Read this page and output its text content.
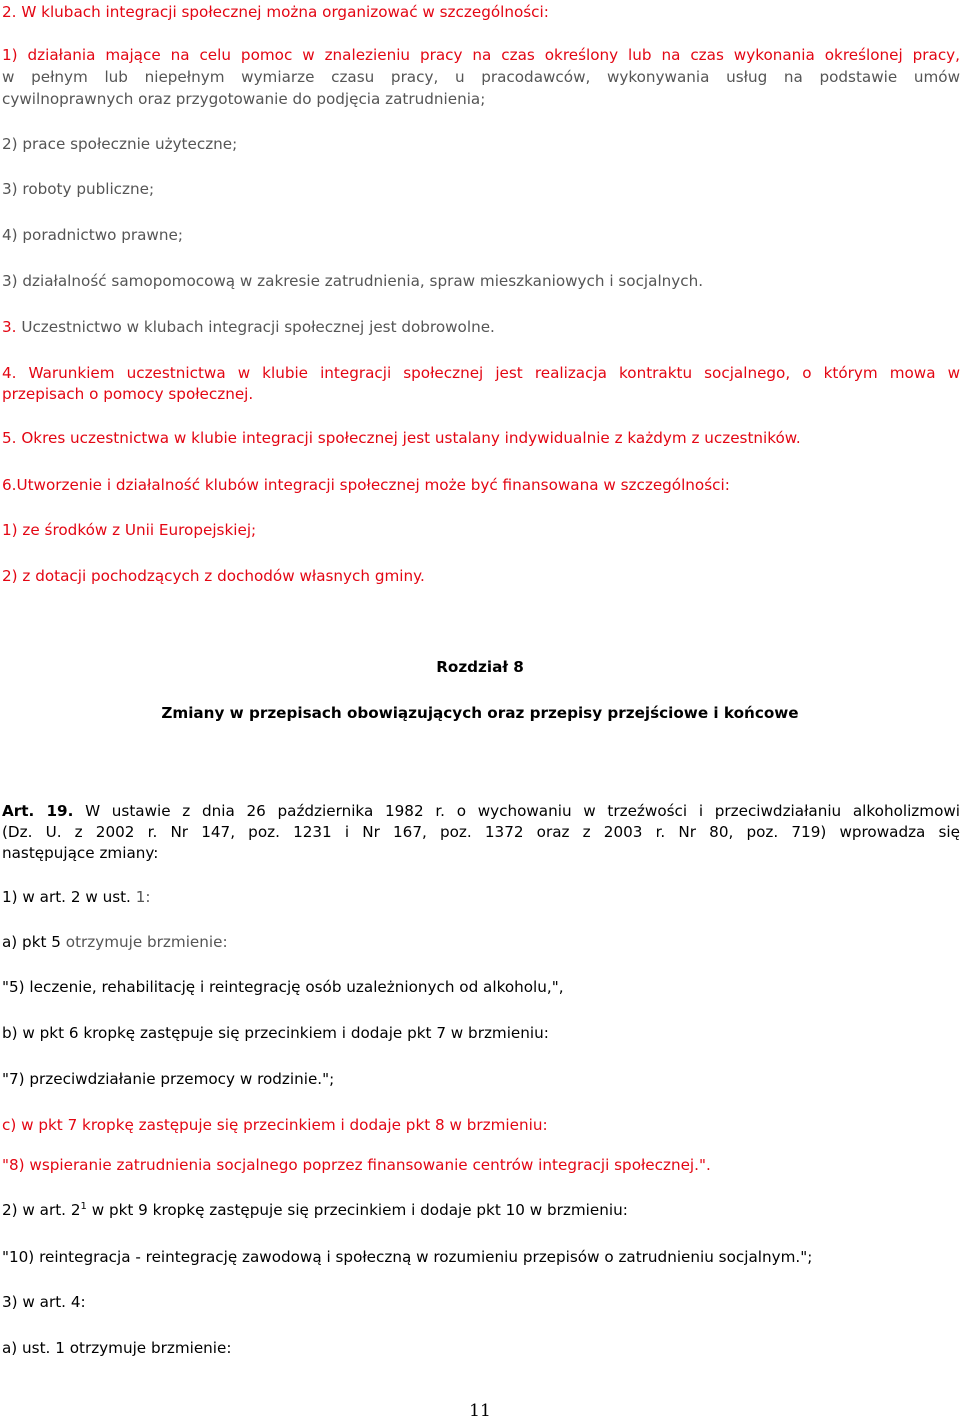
2. W klubach integracji społecznej można organizować w szczególności:
1) działania mające na celu pomoc w znalezieniu pracy na czas określony lub na czas wykonania określonej pracy,
w pełnym lub niepełnym wymiarze czasu pracy, u pracodawców, wykonywania usług na podstawie umów
cywilnoprawnych oraz przygotowanie do podjęcia zatrudnienia;
2) prace społecznie użyteczne;
3) roboty publiczne;
4) poradnictwo prawne;
3) działalność samopomocową w zakresie zatrudnienia, spraw mieszkaniowych i socjalnych.
3. Uczestnictwo w klubach integracji społecznej jest dobrowolne.
4. Warunkiem uczestnictwa w klubie integracji społecznej jest realizacja kontraktu socjalnego, o którym mowa w
przepisach o pomocy społecznej.
5. Okres uczestnictwa w klubie integracji społecznej jest ustalany indywidualnie z każdym z uczestników.
6.Utworzenie i działalność klubów integracji społecznej może być finansowana w szczególności:
1) ze środków z Unii Europejskiej;
2) z dotacji pochodzących z dochodów własnych gminy.
Rozdział 8
Zmiany w przepisach obowiązujących oraz przepisy przejściowe i końcowe
Art. 19. W ustawie z dnia 26 października 1982 r. o wychowaniu w trzeźwości i przeciwdziałaniu alkoholizmowi
(Dz. U. z 2002 r. Nr 147, poz. 1231 i Nr 167, poz. 1372 oraz z 2003 r. Nr 80, poz. 719) wprowadza się
następujące zmiany:
1) w art. 2 w ust. 1:
a) pkt 5 otrzymuje brzmienie:
"5) leczenie, rehabilitację i reintegrację osób uzależnionych od alkoholu,",
b) w pkt 6 kropkę zastępuje się przecinkiem i dodaje pkt 7 w brzmieniu:
"7) przeciwdziałanie przemocy w rodzinie.";
c) w pkt 7 kropkę zastępuje się przecinkiem i dodaje pkt 8 w brzmieniu:
"8) wspieranie zatrudnienia socjalnego poprzez finansowanie centrów integracji społecznej.".
2) w art. $2^1$ w pkt 9 kropkę zastępuje się przecinkiem i dodaje pkt 10 w brzmieniu:
"10) reintegracja - reintegrację zawodową i społeczną w rozumieniu przepisów o zatrudnieniu socjalnym.";
3) w art. 4:
a) ust. 1 otrzymuje brzmienie:
11
